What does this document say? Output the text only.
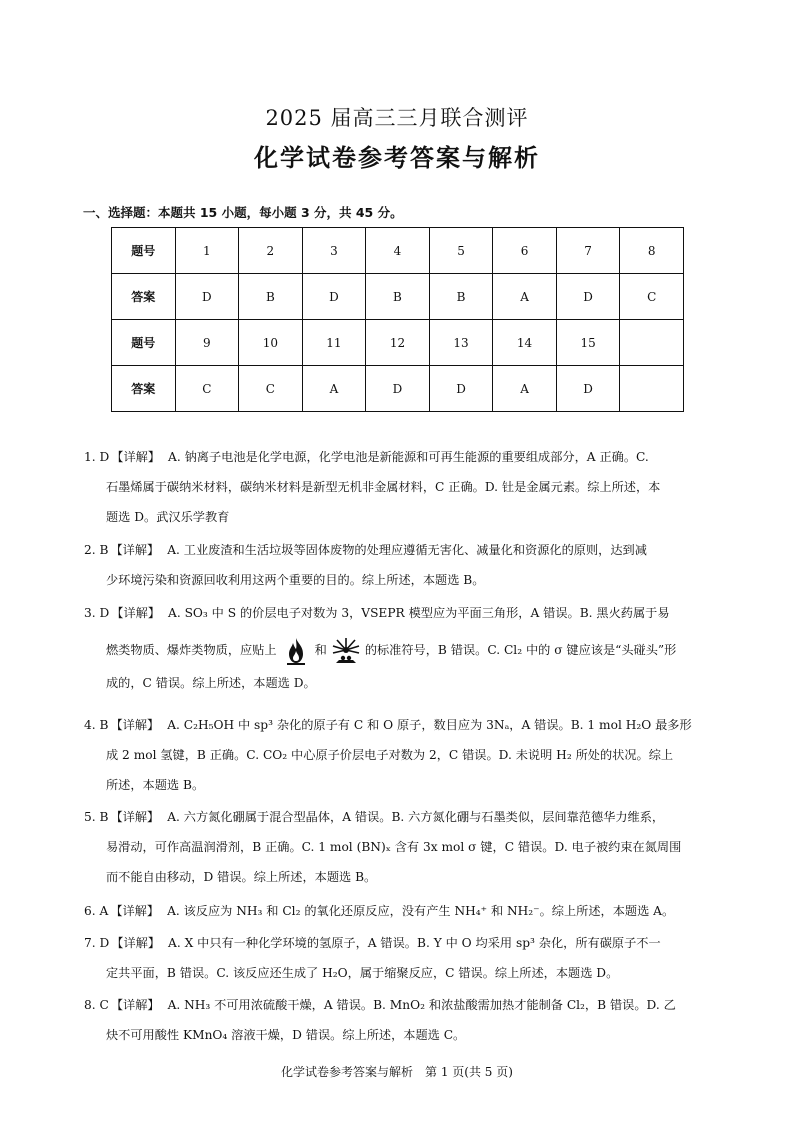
2025 届高三三月联合测评
化学试卷参考答案与解析
一、选择题：本题共 15 小题，每小题 3 分，共 45 分。
题号	1	2	3	4	5	6	7	8
答案	D	B	D	B	B	A	D	C
题号	9	10	11	12	13	14	15	
答案	C	C	A	D	D	A	D	
1. D 【详解】 A. 钠离子电池是化学电源，化学电池是新能源和可再生能源的重要组成部分，A 正确。C.
石墨烯属于碳纳米材料，碳纳米材料是新型无机非金属材料，C 正确。D. 钍是金属元素。综上所述，本
题选 D。武汉乐学教育
2. B 【详解】 A. 工业废渣和生活垃圾等固体废物的处理应遵循无害化、减量化和资源化的原则，达到减
少环境污染和资源回收利用这两个重要的目的。综上所述，本题选 B。
3. D 【详解】 A. SO₃ 中 S 的价层电子对数为 3，VSEPR 模型应为平面三角形，A 错误。B. 黑火药属于易
燃类物质、爆炸类物质，应贴上	和	的标准符号，B 错误。C. Cl₂ 中的 σ 键应该是“头碰头”形
成的，C 错误。综上所述，本题选 D。
4. B 【详解】 A. C₂H₅OH 中 sp³ 杂化的原子有 C 和 O 原子，数目应为 3Nₐ，A 错误。B. 1 mol H₂O 最多形
成 2 mol 氢键，B 正确。C. CO₂ 中心原子价层电子对数为 2，C 错误。D. 未说明 H₂ 所处的状况。综上
所述，本题选 B。
5. B 【详解】 A. 六方氮化硼属于混合型晶体，A 错误。B. 六方氮化硼与石墨类似，层间靠范德华力维系，
易滑动，可作高温润滑剂，B 正确。C. 1 mol (BN)ₓ 含有 3x mol σ 键，C 错误。D. 电子被约束在氮周围
而不能自由移动，D 错误。综上所述，本题选 B。
6. A 【详解】 A. 该反应为 NH₃ 和 Cl₂ 的氧化还原反应，没有产生 NH₄⁺ 和 NH₂⁻。综上所述，本题选 A。
7. D 【详解】 A. X 中只有一种化学环境的氢原子，A 错误。B. Y 中 O 均采用 sp³ 杂化，所有碳原子不一
定共平面，B 错误。C. 该反应还生成了 H₂O，属于缩聚反应，C 错误。综上所述，本题选 D。
8. C 【详解】 A. NH₃ 不可用浓硫酸干燥，A 错误。B. MnO₂ 和浓盐酸需加热才能制备 Cl₂，B 错误。D. 乙
炔不可用酸性 KMnO₄ 溶液干燥，D 错误。综上所述，本题选 C。
化学试卷参考答案与解析　第 1 页(共 5 页)
